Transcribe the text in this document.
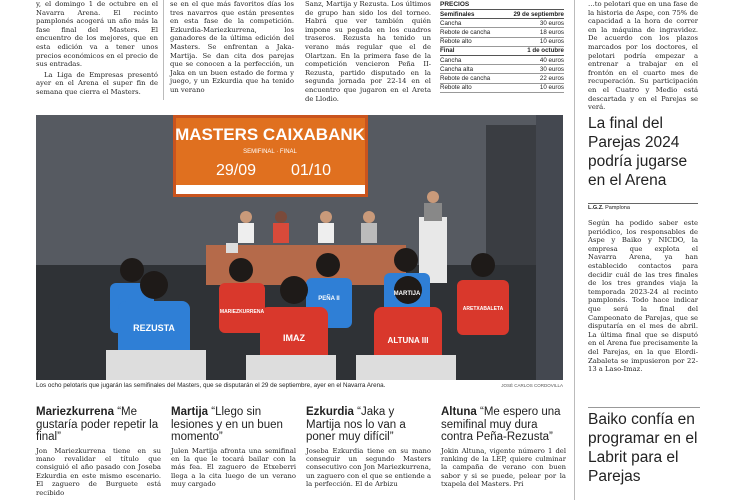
y, el domingo 1 de octubre en el Navarra Arena. El recinto pamplonés acogerá un año más la fase final del Masters. El encuentro de los mejores, que en esta edición va a tener unos precios económicos en el precio de sus entradas.

La Liga de Empresas presentó ayer en el Arena el super fin de semana que cierra el Masters.

se en el que más favoritos días los tres navarros que están presentes en esta fase de la competición. Ezkurdia-Mariezkurrena, los ganadores de la última edición del Masters. Se enfrentan a Jaka-Martija. Se dan cita dos parejas que se conocen a la perfección, un Jaka en un buen estado de forma y juego, y un Ezkurdia que ha tenido un verano

Sanz, Martija y Rezusta. Los últimos de grupo han sido los del torneo. Habrá que ver también quién impone su pegada en los cuadros traseros. Rezusta ha tenido un verano más regular que el de Olartzan. En la primera fase de la competición vencieron Peña II-Rezusta, partido disputado en la segunda jornada por 22-14 en el encuentro que jugaron en el Areta de Llodio.

PRECIOS
Semifinales	29 de septiembre
Cancha	30 euros
Rebote de cancha	18 euros
Rebote alto	10 euros
Final	1 de octubre
Cancha	40 euros
Cancha alta	30 euros
Rebote de cancha	22 euros
Rebote alto	10 euros

…to pelotari que en una fase de la historia de Aspe, con 75% de capacidad a la hora de correr en la máquina de ingravidez. De acuerdo con los plazos marcados por los doctores, el pelotari podría empezar a entrenar a trabajar en el frontón en el cuarto mes de recuperación. Su participación en el Cuatro y Medio está descartada y en el Parejas se verá.

MASTERS CAIXABANK
SEMIFINAL · FINAL
29/09 01/10
REZUSTA
MARIEZKURRENA
IMAZ
PEÑA II
MARTIJA
ALTUNA III
ARETXABALETA
Los ocho pelotaris que jugarán las semifinales del Masters, que se disputarán el 29 de septiembre, ayer en el Navarra Arena.	JOSÉ CARLOS CORDOVILLA
Mariezkurrena “Me gustaría poder repetir la final”
Jon Mariezkurrena tiene en su mano revalidar el título que consiguió el año pasado con Joseba Ezkurdia en este mismo escenario. El zaguero de Burguete está recibido
Martija “Llego sin lesiones y en un buen momento”
Julen Martija afronta una semifinal en la que le tocará bailar con la más fea. El zaguero de Etxeberri llega a la cita luego de un verano muy cargado
Ezkurdia “Jaka y Martija nos lo van a poner muy difícil”
Joseba Ezkurdia tiene en su mano conseguir un segundo Masters consecutivo con Jon Mariezkurrena, un zaguero con el que se entiende a la perfección. El de Arbizu
Altuna “Me espero una semifinal muy dura contra Peña-Rezusta”
Jokin Altuna, vigente número 1 del ranking de la LEP, quiere culminar la campaña de verano con buen sabor y si se puede, pelear por la txapela del Masters. Pri
La final del Parejas 2024 podría jugarse en el Arena
L.G.Z. Pamplona

Según ha podido saber este periódico, los responsables de Aspe y Baiko y NICDO, la empresa que explota el Navarra Arena, ya han establecido contactos para decidir cuál de las tres finales de los tres grandes viaja la temporada 2023-24 al recinto pamplonés. Todo hace indicar que será la final del Campeonato de Parejas, que se disputaría en el mes de abril. La última final que se disputó en el Arena fue precisamente la del Parejas, en la que Elordi-Zabaleta se impusieron por 22-13 a Laso-Imaz.

Baiko confía en programar en el Labrit para el Parejas
